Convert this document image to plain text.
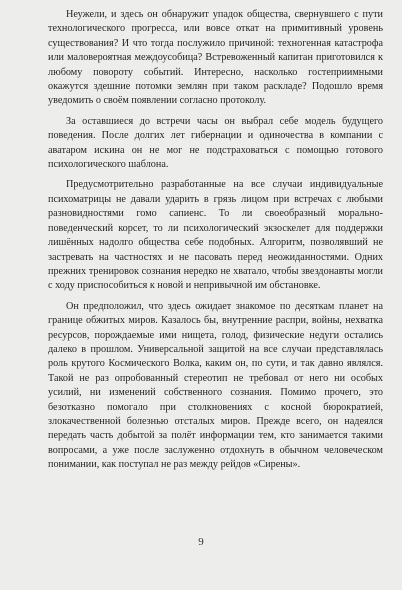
Неужели, и здесь он обнаружит упадок общества, свернувшего с пути технологического прогресса, или вовсе откат на примитивный уровень существования? И что тогда послужило причиной: техногенная катастрофа или маловероятная междоусобица? Встревоженный капитан приготовился к любому повороту событий. Интересно, насколько гостеприимными окажутся здешние потомки землян при таком раскладе? Подошло время уведомить о своём появлении согласно протоколу.

За оставшиеся до встречи часы он выбрал себе модель будущего поведения. После долгих лет гибернации и одиночества в компании с аватаром искина он не мог не подстраховаться с помощью готового психологического шаблона.

Предусмотрительно разработанные на все случаи индивидуальные психоматрицы не давали ударить в грязь лицом при встречах с любыми разновидностями гомо сапиенс. То ли своеобразный морально-поведенческий корсет, то ли психологический экзоскелет для поддержки лишённых надолго общества себе подобных. Алгоритм, позволявший не застревать на частностях и не пасовать перед неожиданностями. Одних прежних тренировок сознания нередко не хватало, чтобы звездонавты могли с ходу приспособиться к новой и непривычной им обстановке.

Он предположил, что здесь ожидает знакомое по десяткам планет на границе обжитых миров. Казалось бы, внутренние распри, войны, нехватка ресурсов, порождаемые ими нищета, голод, физические недуги остались далеко в прошлом. Универсальной защитой на все случаи представлялась роль крутого Космического Волка, каким он, по сути, и так давно являлся. Такой не раз опробованный стереотип не требовал от него ни особых усилий, ни изменений собственного сознания. Помимо прочего, это безотказно помогало при столкновениях с косной бюрократией, злокачественной болезнью отсталых миров. Прежде всего, он надеялся передать часть добытой за полёт информации тем, кто занимается такими вопросами, а уже после заслуженно отдохнуть в обычном человеческом понимании, как поступал не раз между рейдов «Сирены».

9
